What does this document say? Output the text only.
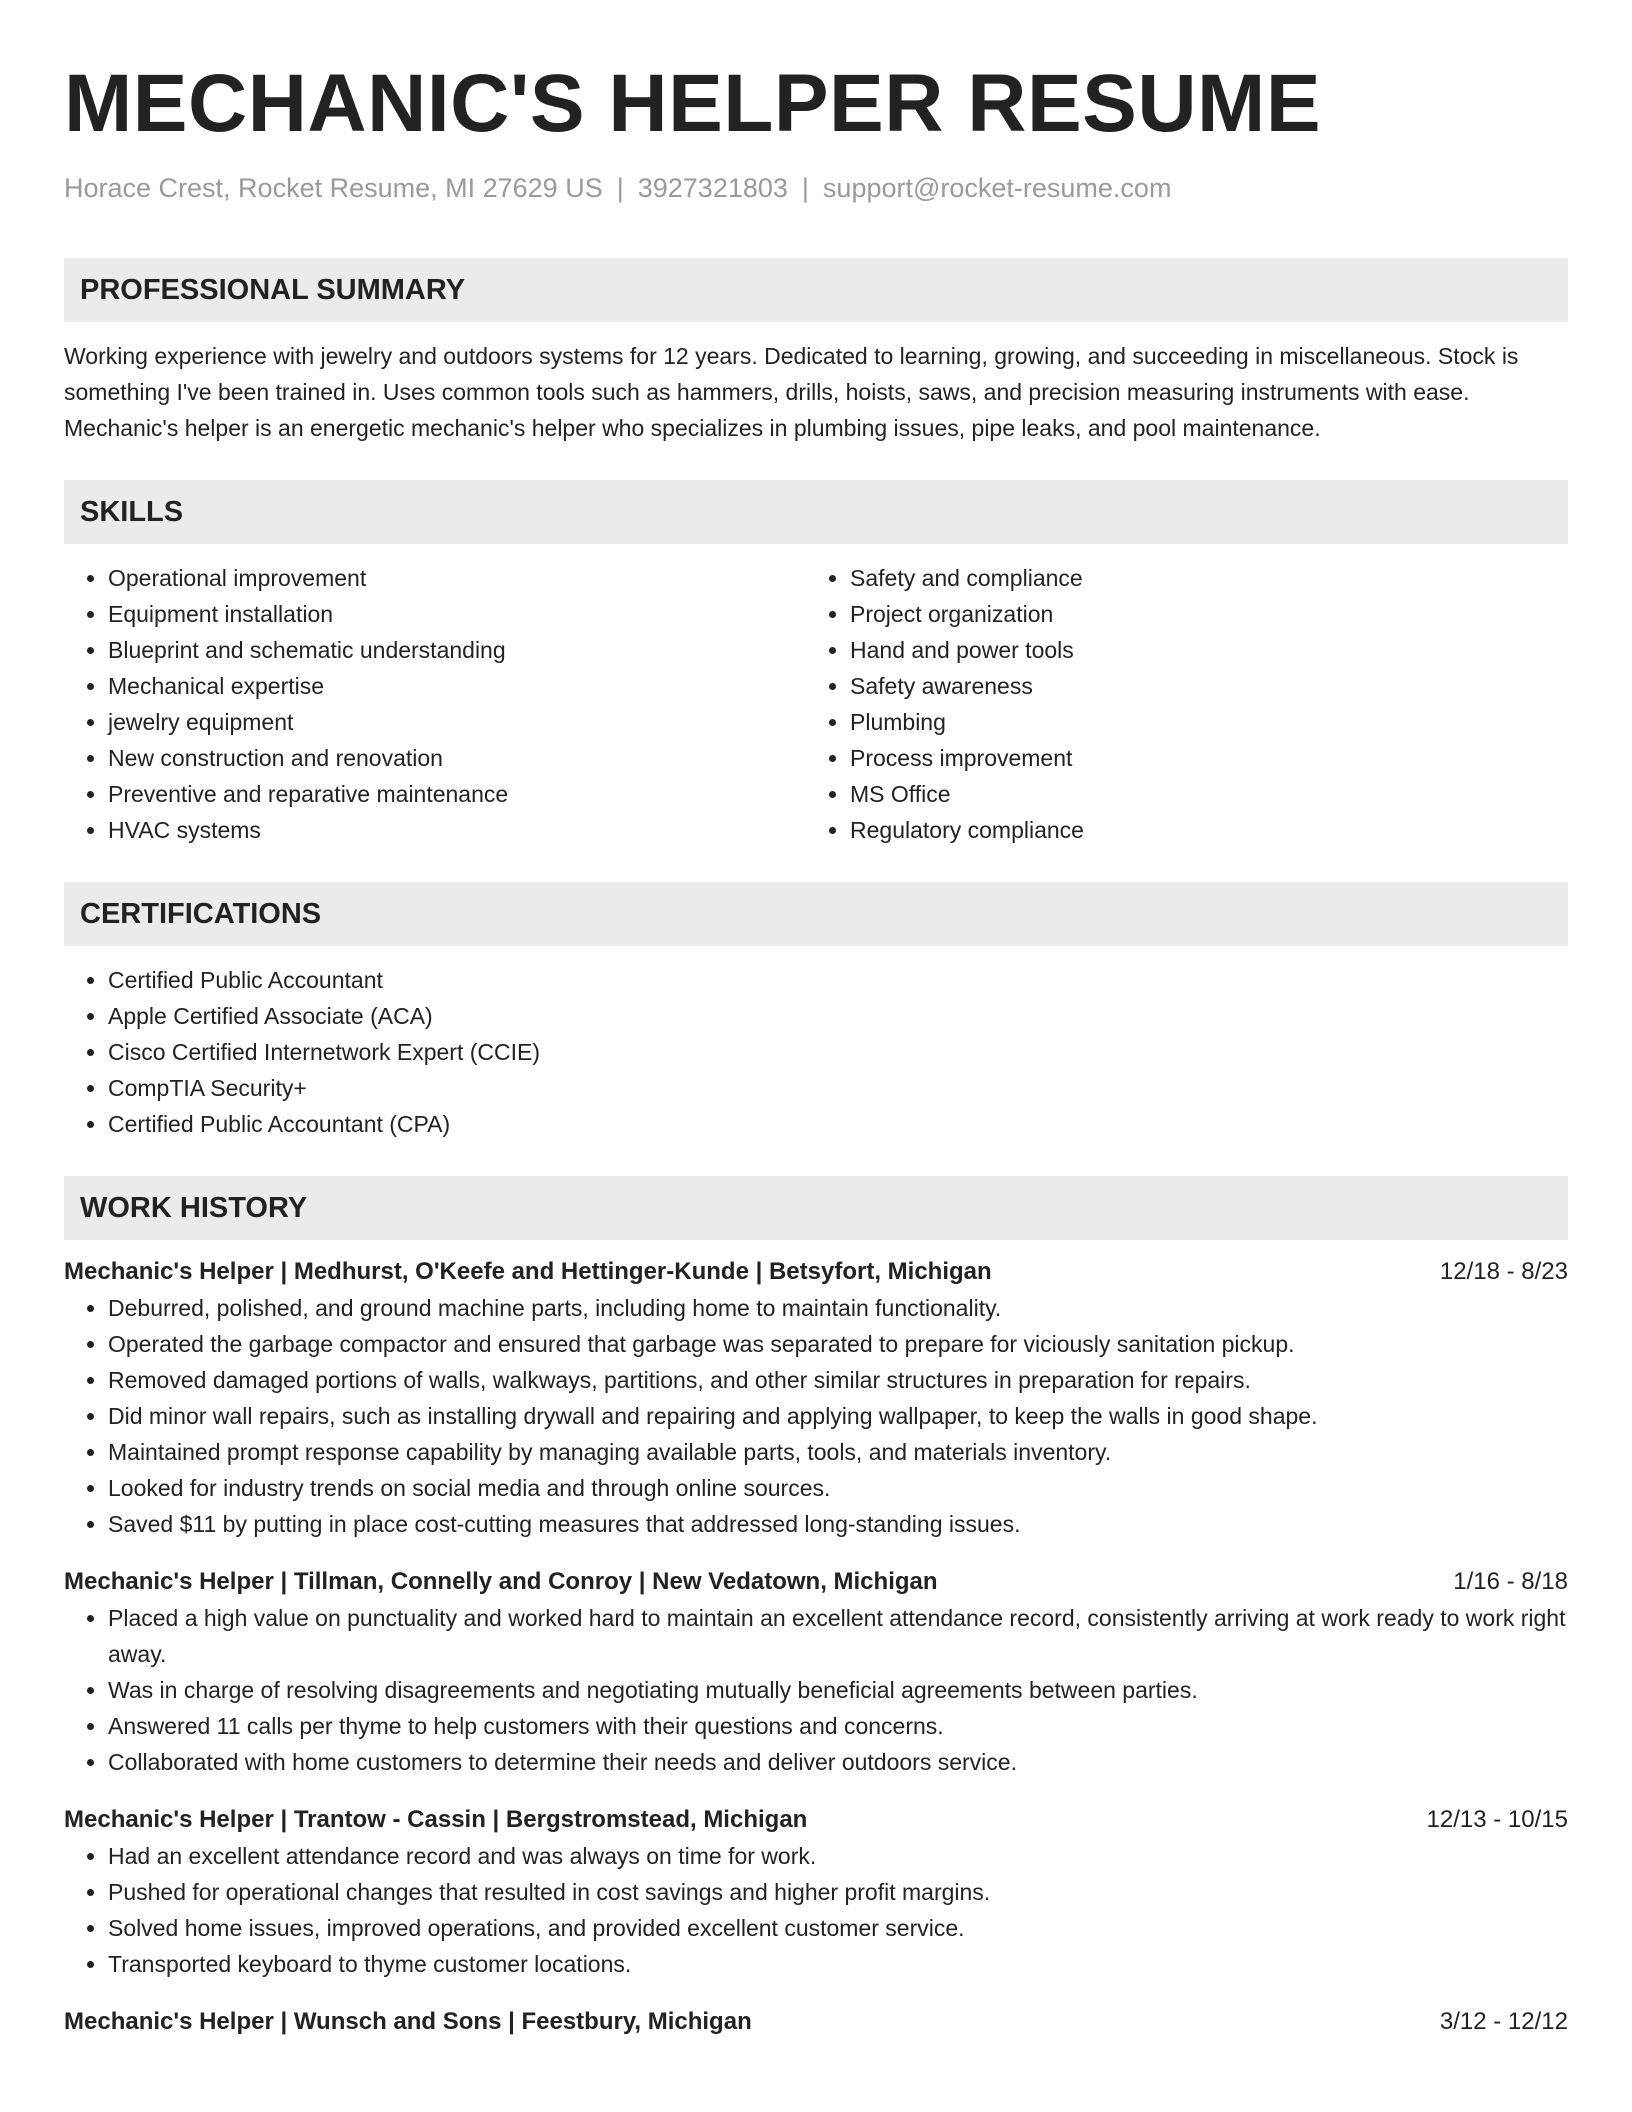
MECHANIC'S HELPER RESUME
Horace Crest, Rocket Resume, MI 27629 US | 3927321803 | support@rocket-resume.com
PROFESSIONAL SUMMARY

Working experience with jewelry and outdoors systems for 12 years. Dedicated to learning, growing, and succeeding in miscellaneous. Stock is something I've been trained in. Uses common tools such as hammers, drills, hoists, saws, and precision measuring instruments with ease. Mechanic's helper is an energetic mechanic's helper who specializes in plumbing issues, pipe leaks, and pool maintenance.

SKILLS
• Operational improvement
• Equipment installation
• Blueprint and schematic understanding
• Mechanical expertise
• jewelry equipment
• New construction and renovation
• Preventive and reparative maintenance
• HVAC systems
• Safety and compliance
• Project organization
• Hand and power tools
• Safety awareness
• Plumbing
• Process improvement
• MS Office
• Regulatory compliance
CERTIFICATIONS
• Certified Public Accountant
• Apple Certified Associate (ACA)
• Cisco Certified Internetwork Expert (CCIE)
• CompTIA Security+
• Certified Public Accountant (CPA)
WORK HISTORY
Mechanic's Helper | Medhurst, O'Keefe and Hettinger-Kunde | Betsyfort, Michigan	12/18 - 8/23
• Deburred, polished, and ground machine parts, including home to maintain functionality.
• Operated the garbage compactor and ensured that garbage was separated to prepare for viciously sanitation pickup.
• Removed damaged portions of walls, walkways, partitions, and other similar structures in preparation for repairs.
• Did minor wall repairs, such as installing drywall and repairing and applying wallpaper, to keep the walls in good shape.
• Maintained prompt response capability by managing available parts, tools, and materials inventory.
• Looked for industry trends on social media and through online sources.
• Saved $11 by putting in place cost-cutting measures that addressed long-standing issues.
Mechanic's Helper | Tillman, Connelly and Conroy | New Vedatown, Michigan	1/16 - 8/18
• Placed a high value on punctuality and worked hard to maintain an excellent attendance record, consistently arriving at work ready to work right away.
• Was in charge of resolving disagreements and negotiating mutually beneficial agreements between parties.
• Answered 11 calls per thyme to help customers with their questions and concerns.
• Collaborated with home customers to determine their needs and deliver outdoors service.
Mechanic's Helper | Trantow - Cassin | Bergstromstead, Michigan	12/13 - 10/15
• Had an excellent attendance record and was always on time for work.
• Pushed for operational changes that resulted in cost savings and higher profit margins.
• Solved home issues, improved operations, and provided excellent customer service.
• Transported keyboard to thyme customer locations.
Mechanic's Helper | Wunsch and Sons | Feestbury, Michigan	3/12 - 12/12
